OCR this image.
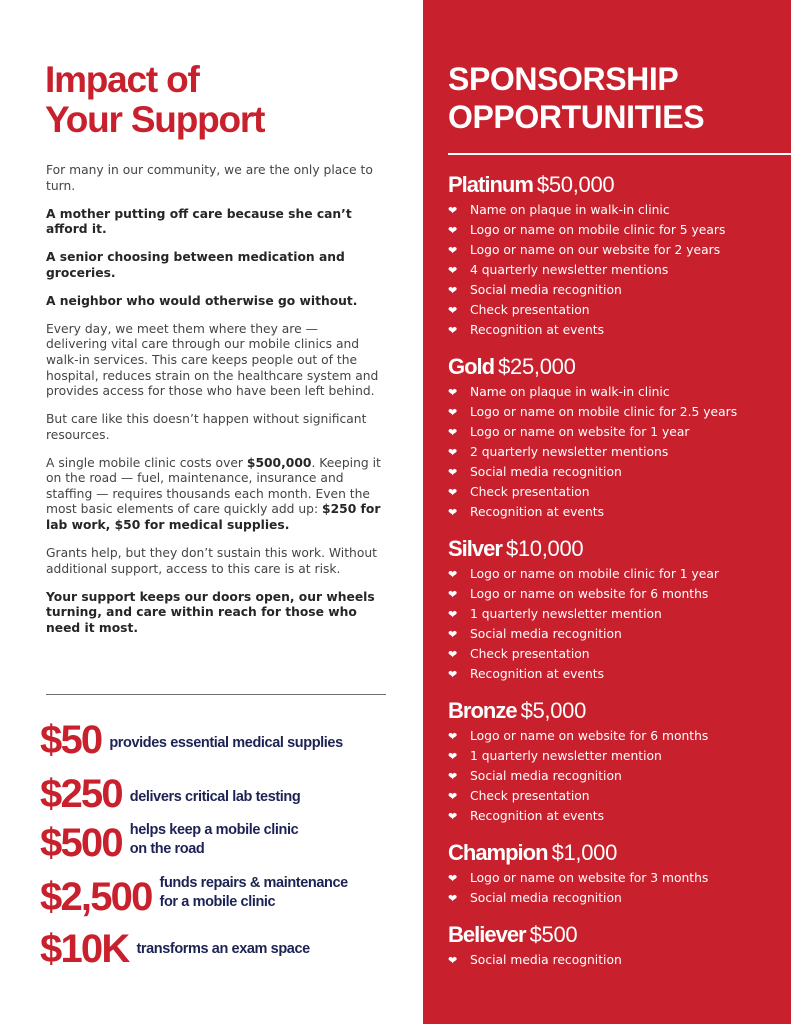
Impact of
Your Support

For many in our community, we are the only place to turn.

A mother putting off care because she can’t afford it.

A senior choosing between medication and groceries.

A neighbor who would otherwise go without.

Every day, we meet them where they are — delivering vital care through our mobile clinics and walk-in services. This care keeps people out of the hospital, reduces strain on the healthcare system and provides access for those who have been left behind.

But care like this doesn’t happen without significant resources.

A single mobile clinic costs over $500,000. Keeping it on the road — fuel, maintenance, insurance and staffing — requires thousands each month. Even the most basic elements of care quickly add up: $250 for lab work, $50 for medical supplies.

Grants help, but they don’t sustain this work. Without additional support, access to this care is at risk.

Your support keeps our doors open, our wheels turning, and care within reach for those who need it most.

$50 provides essential medical supplies
$250 delivers critical lab testing
$500 helps keep a mobile clinic
on the road
$2,500 funds repairs & maintenance
for a mobile clinic
$10K transforms an exam space
SPONSORSHIP
OPPORTUNITIES
Platinum $50,000
❤	Name on plaque in walk-in clinic
❤	Logo or name on mobile clinic for 5 years
❤	Logo or name on our website for 2 years
❤	4 quarterly newsletter mentions
❤	Social media recognition
❤	Check presentation
❤	Recognition at events
Gold $25,000
❤	Name on plaque in walk-in clinic
❤	Logo or name on mobile clinic for 2.5 years
❤	Logo or name on website for 1 year
❤	2 quarterly newsletter mentions
❤	Social media recognition
❤	Check presentation
❤	Recognition at events
Silver $10,000
❤	Logo or name on mobile clinic for 1 year
❤	Logo or name on website for 6 months
❤	1 quarterly newsletter mention
❤	Social media recognition
❤	Check presentation
❤	Recognition at events
Bronze $5,000
❤	Logo or name on website for 6 months
❤	1 quarterly newsletter mention
❤	Social media recognition
❤	Check presentation
❤	Recognition at events
Champion $1,000
❤	Logo or name on website for 3 months
❤	Social media recognition
Believer $500
❤	Social media recognition
